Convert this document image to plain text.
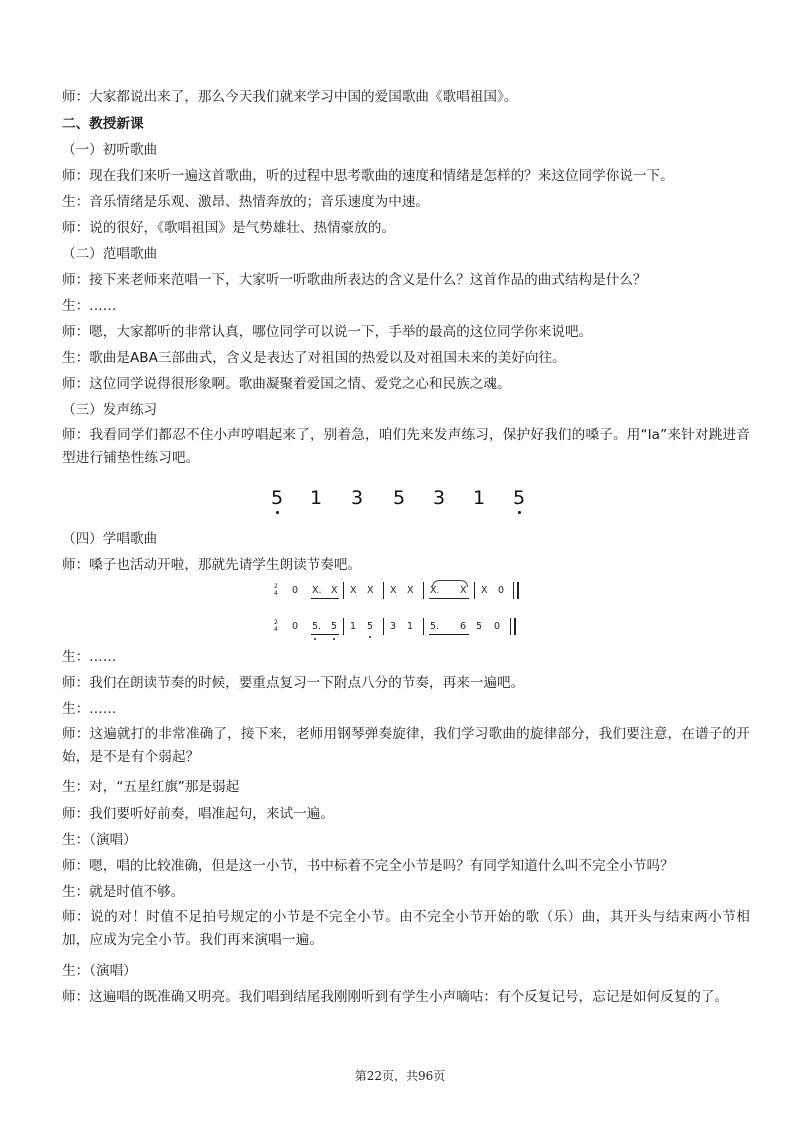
师：大家都说出来了，那么今天我们就来学习中国的爱国歌曲《歌唱祖国》。
二、教授新课
（一）初听歌曲
师：现在我们来听一遍这首歌曲，听的过程中思考歌曲的速度和情绪是怎样的？来这位同学你说一下。
生：音乐情绪是乐观、激昂、热情奔放的；音乐速度为中速。
师：说的很好，《歌唱祖国》是气势雄壮、热情豪放的。
（二）范唱歌曲
师：接下来老师来范唱一下，大家听一听歌曲所表达的含义是什么？这首作品的曲式结构是什么？
生：……
师：嗯，大家都听的非常认真，哪位同学可以说一下，手举的最高的这位同学你来说吧。
生：歌曲是ABA三部曲式，含义是表达了对祖国的热爱以及对祖国未来的美好向往。
师：这位同学说得很形象啊。歌曲凝聚着爱国之情、爱党之心和民族之魂。
（三）发声练习
师：我看同学们都忍不住小声哼唱起来了，别着急，咱们先来发声练习，保护好我们的嗓子。用“la”来针对跳进音型进行铺垫性练习吧。
5 1 3 5 3 1 5
（四）学唱歌曲
师：嗓子也活动开啦，那就先请学生朗读节奏吧。
2
4 0 X. X X X X X X. X X 0
2
4 0 5. 5 1 5 3 1 5. 6 5 0
生：……
师：我们在朗读节奏的时候，要重点复习一下附点八分的节奏，再来一遍吧。
生：……
师：这遍就打的非常准确了，接下来，老师用钢琴弹奏旋律，我们学习歌曲的旋律部分，我们要注意，在谱子的开始，是不是有个弱起？
生：对，“五星红旗”那是弱起
师：我们要听好前奏，唱准起句，来试一遍。
生：（演唱）
师：嗯，唱的比较准确，但是这一小节，书中标着不完全小节是吗？有同学知道什么叫不完全小节吗？
生：就是时值不够。
师：说的对！时值不足拍号规定的小节是不完全小节。由不完全小节开始的歌（乐）曲，其开头与结束两小节相加，应成为完全小节。我们再来演唱一遍。
生：（演唱）
师：这遍唱的既准确又明亮。我们唱到结尾我刚刚听到有学生小声嘀咕：有个反复记号，忘记是如何反复的了。
第22页，共96页
